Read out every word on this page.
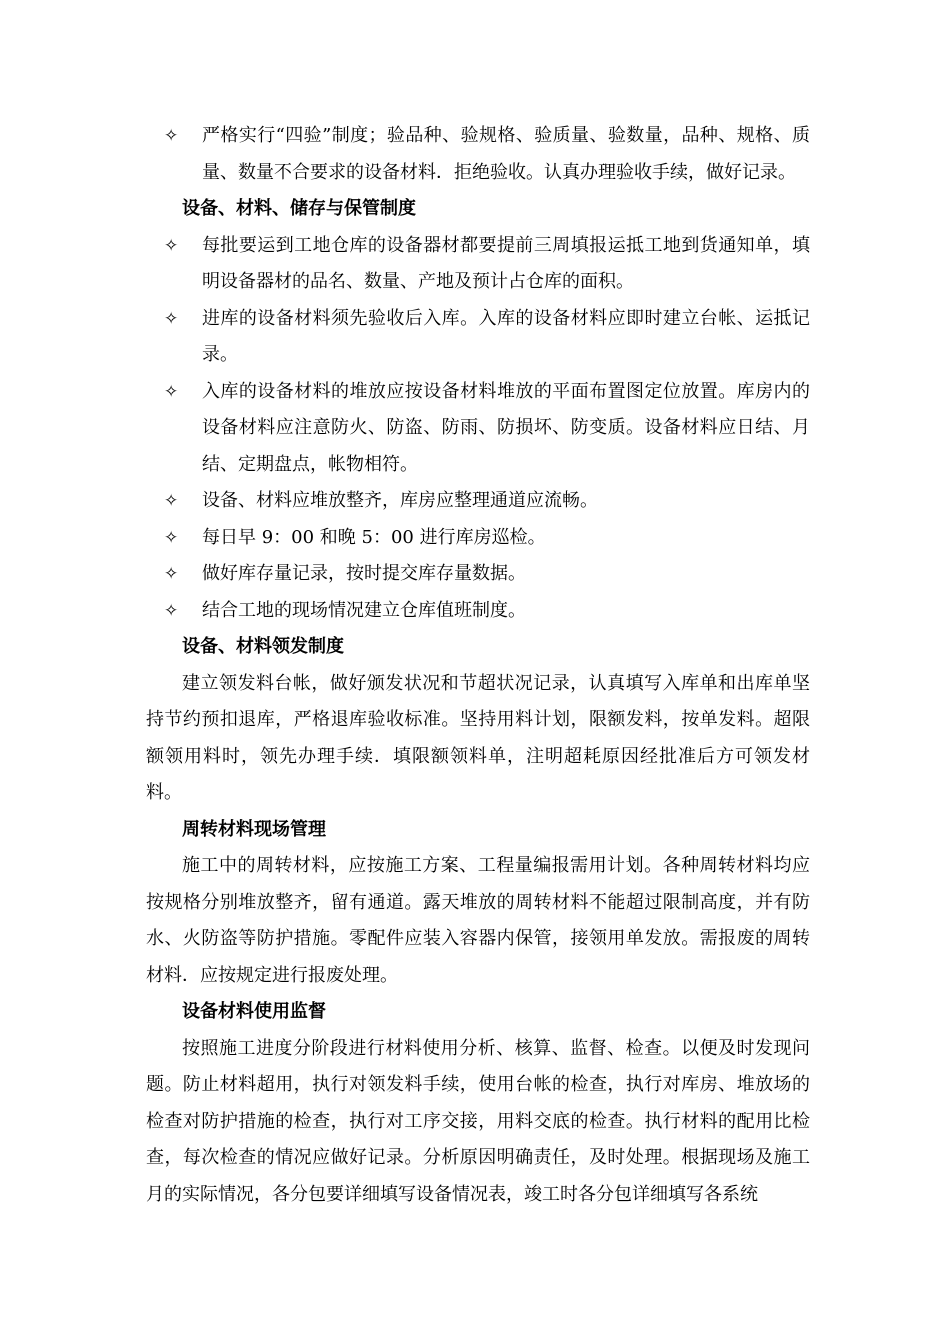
✧	严格实行“四验”制度；验品种、验规格、验质量、验数量，品种、规格、质量、数量不合要求的设备材料．拒绝验收。认真办理验收手续，做好记录。
设备、材料、储存与保管制度
✧	每批要运到工地仓库的设备器材都要提前三周填报运抵工地到货通知单，填明设备器材的品名、数量、产地及预计占仓库的面积。
✧	进库的设备材料须先验收后入库。入库的设备材料应即时建立台帐、运抵记录。
✧	入库的设备材料的堆放应按设备材料堆放的平面布置图定位放置。库房内的设备材料应注意防火、防盗、防雨、防损坏、防变质。设备材料应日结、月结、定期盘点，帐物相符。
✧	设备、材料应堆放整齐，库房应整理通道应流畅。
✧	每日早 9：00 和晚 5：00 进行库房巡检。
✧	做好库存量记录，按时提交库存量数据。
✧	结合工地的现场情况建立仓库值班制度。
设备、材料领发制度
建立领发料台帐，做好颁发状况和节超状况记录，认真填写入库单和出库单坚持节约预扣退库，严格退库验收标准。坚持用料计划，限额发料，按单发料。超限额领用料时，领先办理手续．填限额领料单，注明超耗原因经批准后方可领发材料。
周转材料现场管理
施工中的周转材料，应按施工方案、工程量编报需用计划。各种周转材料均应按规格分别堆放整齐，留有通道。露天堆放的周转材料不能超过限制高度，并有防水、火防盗等防护措施。零配件应装入容器内保管，接领用单发放。需报废的周转材料．应按规定进行报废处理。
设备材料使用监督
按照施工进度分阶段进行材料使用分析、核算、监督、检查。以便及时发现问题。防止材料超用，执行对领发料手续，使用台帐的检查，执行对库房、堆放场的检查对防护措施的检查，执行对工序交接，用料交底的检查。执行材料的配用比检查，每次检查的情况应做好记录。分析原因明确责任，及时处理。根据现场及施工月的实际情况，各分包要详细填写设备情况表，竣工时各分包详细填写各系统
